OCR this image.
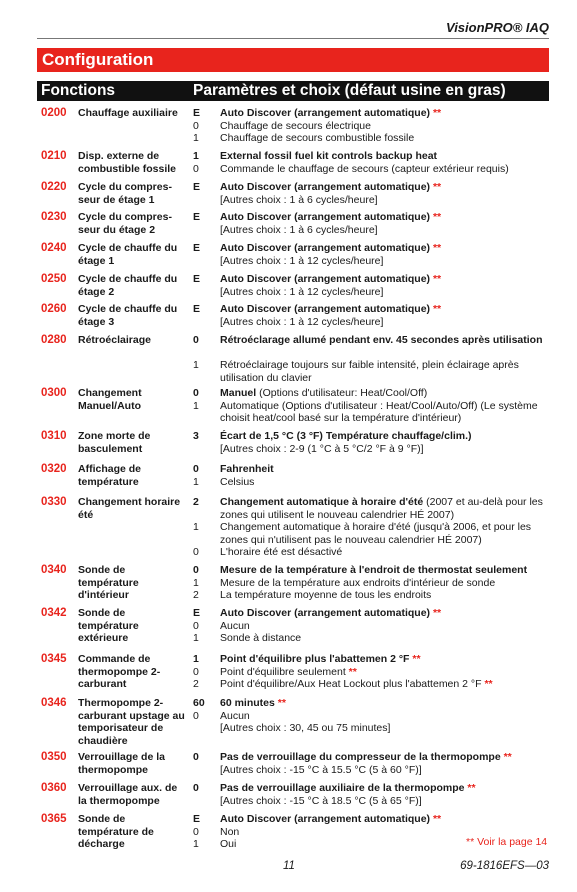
VisionPRO® IAQ
Configuration
Fonctions	Paramètres et choix (défaut usine en gras)
0200	Chauffage auxiliaire	E	Auto Discover (arrangement automatique) **
0	Chauffage de secours électrique
1	Chauffage de secours combustible fossile
0210	Disp. externe de combustible fossile
1	External fossil fuel kit controls backup heat
0	Commande le chauffage de secours (capteur extérieur requis)
0220	Cycle du compres-seur de étage 1
E	Auto Discover (arrangement automatique) **
[Autres choix : 1 à 6 cycles/heure]
0230	Cycle du compres-seur du étage 2
E	Auto Discover (arrangement automatique) **
[Autres choix : 1 à 6 cycles/heure]
0240	Cycle de chauffe du étage 1
E	Auto Discover (arrangement automatique) **
[Autres choix : 1 à 12 cycles/heure]
0250	Cycle de chauffe du étage 2
E	Auto Discover (arrangement automatique) **
[Autres choix : 1 à 12 cycles/heure]
0260	Cycle de chauffe du étage 3
E	Auto Discover (arrangement automatique) **
[Autres choix : 1 à 12 cycles/heure]
0280	Rétroéclairage	0	Rétroéclarage allumé pendant env. 45 secondes après utilisation
1	Rétroéclairage toujours sur faible intensité, plein éclairage après utilisation du clavier
0300	Changement Manuel/Auto
0	Manuel (Options d'utilisateur: Heat/Cool/Off)
1	Automatique (Options d'utilisateur : Heat/Cool/Auto/Off) (Le système choisit heat/cool basé sur la température d'intérieur)
0310	Zone morte de basculement
3	Écart de 1,5 °C (3 °F) Température chauffage/clim.)
[Autres choix : 2-9 (1 °C à 5 °C/2 °F à 9 °F)]
0320	Affichage de température
0	Fahrenheit
1	Celsius
0330	Changement horaire été
2	Changement automatique à horaire d'été (2007 et au-delà pour les zones qui utilisent le nouveau calendrier HÉ 2007)
1	Changement automatique à horaire d'été (jusqu'à 2006, et pour les zones qui n'utilisent pas le nouveau calendrier HÉ 2007)
0	L'horaire été est désactivé
0340	Sonde de température d'intérieur
0	Mesure de la température à l'endroit de thermostat seulement
1	Mesure de la température aux endroits d'intérieur de sonde
2	La température moyenne de tous les endroits
0342	Sonde de température extérieure
E	Auto Discover (arrangement automatique) **
0	Aucun
1	Sonde à distance
0345	Commande de thermopompe 2-carburant
1	Point d'équilibre plus l'abattemen 2 °F **
0	Point d'équilibre seulement **
2	Point d'équilibre/Aux Heat Lockout plus l'abattemen 2 °F **
0346	Thermopompe 2-carburant upstage au temporisateur de chaudière
60	60 minutes **
0	Aucun
[Autres choix : 30, 45 ou 75 minutes]
0350	Verrouillage de la thermopompe
0	Pas de verrouillage du compresseur de la thermopompe **
[Autres choix : -15 °C à 15.5 °C (5 à 60 °F)]
0360	Verrouillage aux. de la thermopompe
0	Pas de verrouillage auxiliaire de la thermopompe **
[Autres choix : -15 °C à 18.5 °C (5 à 65 °F)]
0365	Sonde de température de décharge
E	Auto Discover (arrangement automatique) **
0	Non
1	Oui	** Voir la page 14
11	69-1816EFS—03
